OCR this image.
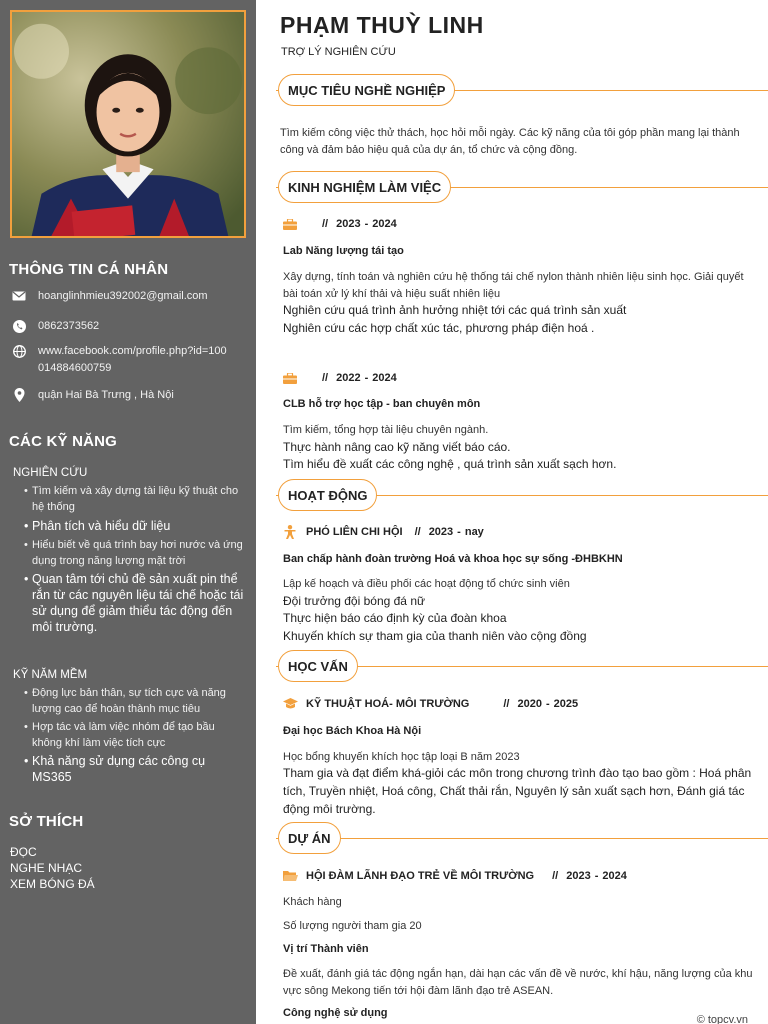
THÔNG TIN CÁ NHÂN
hoanglinhmieu392002@gmail.com
0862373562
www.facebook.com/profile.php?id=100014884600759
quận Hai Bà Trưng , Hà Nội
CÁC KỸ NĂNG
NGHIÊN CỨU
• Tìm kiếm và xây dựng tài liệu kỹ thuật cho hệ thống
• Phân tích và hiểu dữ liệu
• Hiểu biết về quá trình bay hơi nước và ứng dụng trong năng lượng mặt trời
• Quan tâm tới chủ đề sản xuất pin thể rắn từ các nguyên liệu tái chế hoặc tái sử dụng để giảm thiểu tác động đến môi trường.
KỸ NĂM MỀM
• Động lực bản thân, sự tích cực và năng lượng cao để hoàn thành mục tiêu
• Hợp tác và làm việc nhóm để tạo bầu không khí làm việc tích cực
• Khả năng sử dụng các công cụ MS365
SỞ THÍCH
ĐỌC
NGHE NHẠC
XEM BÓNG ĐÁ
PHẠM THUỲ LINH
TRỢ LÝ NGHIÊN CỨU
MỤC TIÊU NGHỀ NGHIỆP
Tìm kiếm công việc thử thách, học hỏi mỗi ngày. Các kỹ năng của tôi góp phần mang lại thành công và đảm bảo hiệu quả của dự án, tổ chức và cộng đồng.
KINH NGHIỆM LÀM VIỆC
// 2023 - 2024
Lab Năng lượng tái tạo
Xây dựng, tính toán và nghiên cứu hệ thống tái chế nylon thành nhiên liệu sinh học. Giải quyết bài toán xử lý khí thải và hiệu suất nhiên liệu
Nghiên cứu quá trình ảnh hưởng nhiệt tới các quá trình sản xuất
Nghiên cứu các hợp chất xúc tác, phương pháp điện hoá .
// 2022 - 2024
CLB hỗ trợ học tập - ban chuyên môn
Tìm kiếm, tổng hợp tài liệu chuyên ngành.
Thực hành nâng cao kỹ năng viết báo cáo.
Tìm hiểu đề xuất các công nghệ , quá trình sản xuất sạch hơn.
HOẠT ĐỘNG
PHÓ LIÊN CHI HỘI // 2023 - nay
Ban chấp hành đoàn trường Hoá và khoa học sự sống -ĐHBKHN
Lập kế hoạch và điều phối các hoạt động tổ chức sinh viên
Đội trưởng đội bóng đá nữ
Thực hiện báo cáo định kỳ của đoàn khoa
Khuyến khích sự tham gia của thanh niên vào cộng đồng
HỌC VẤN
KỸ THUẬT HOÁ- MÔI TRƯỜNG	// 2020 - 2025
Đại học Bách Khoa Hà Nội
Học bổng khuyến khích học tập loại B năm 2023
Tham gia và đạt điểm khá-giỏi các môn trong chương trình đào tạo bao gồm : Hoá phân tích, Truyền nhiệt, Hoá công, Chất thải rắn, Nguyên lý sản xuất sạch hơn, Đánh giá tác động môi trường.
DỰ ÁN
HỘI ĐÀM LÃNH ĐẠO TRẺ VỀ MÔI TRƯỜNG // 2023 - 2024
Khách hàng
Số lượng người tham gia 20
Vị trí Thành viên
Đề xuất, đánh giá tác động ngắn hạn, dài hạn các vấn đề về nước, khí hậu, năng lượng của khu vực sông Mekong tiến tới hội đàm lãnh đạo trẻ ASEAN.
Công nghệ sử dụng
© topcv.vn
